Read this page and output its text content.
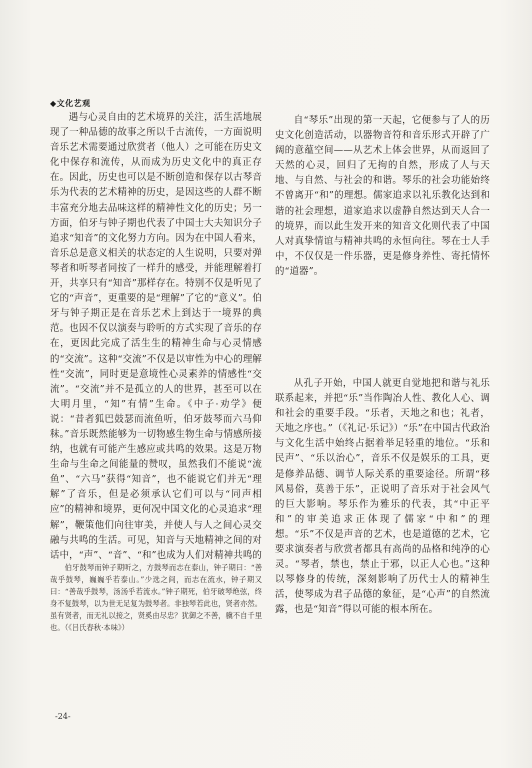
◆文化艺观

遇与心灵自由的艺术境界的关注，活生活地展现了一种品德的故事之所以千古流传，一方面说明音乐艺术需要通过欣赏者（他人）之可能在历史文化中保存和流传，从而成为历史文化中的真正存在。因此，历史也可以是不断创造和保存以古琴音乐为代表的艺术精神的历史，是因这些的人群不断丰富充分地去品味这样的精神性文化的历史；另一方面，伯牙与钟子期也代表了中国士大夫知识分子追求“知音”的文化努力方向。因为在中国人看来，音乐总是意义相关的状态定的人生说明，只要对弹琴者和听琴者同按了一样升的感受，并能理解着打开，共享只有“知音”那样存在。特别不仅是听见了它的“声音”，更重要的是“理解”了它的“意义”。伯牙与钟子期正是在音乐艺术上到达于一境界的典范。也因不仅以演奏与聆听的方式实现了音乐的存在，更因此完成了活生生的精神生命与心灵情感的“交流”。这种“交流”不仅是以审性为中心的理解性“交流”，同时更是意境性心灵素养的情感性“交流”。“交流”并不是孤立的人的世界，甚至可以在大明月里，“知”有情”生命。《中子·劝学》便说：“昔者狐巴鼓瑟而流鱼听，伯牙鼓琴而六马仰秣。”音乐既然能够为一切物感生物生命与情感所接纳，也就有可能产生感应或共鸣的效果。这是万物生命与生命之间能量的赞叹，虽然我们不能说“流鱼”、“六马”获得“知音”，也不能说它们并无“理解”了音乐，但是必须承认它们可以与“同声相应”的精神和境界，更何况中国文化的心灵追求“理解”，鞭策他们向往审美，并使人与人之间心灵交融与共鸣的生活。可见，知音与天地精神之间的对话中，“声”、“音”、“和”也成为人们对精神共鸣的

伯牙鼓琴而钟子期听之，方鼓琴而志在泰山，钟子期曰：“善哉乎鼓琴，巍巍乎若泰山。”少选之间，而志在流水，钟子期又曰：“善哉乎鼓琴，汤汤乎若流水。”钟子期死，伯牙破琴绝弦，终身不复鼓琴，以为世无足复为鼓琴者。非独琴若此也，贤者亦然。虽有贤者，而无礼以接之，贤奚由尽忠？犹御之不善，骥不自千里也。（《吕氏春秋·本味》）

自“琴乐”出现的第一天起，它便参与了人的历史文化创造活动，以器物音符和音乐形式开辟了广阔的意蕴空间——从艺术上体会世界，从而返回了天然的心灵，回归了无拘的自然，形成了人与天地、与自然、与社会的和谐。琴乐的社会功能始终不曾离开“和”的理想。儒家追求以礼乐教化达到和谐的社会理想，道家追求以虚静自然达到天人合一的境界，而以此生发开来的知音文化则代表了中国人对真挚情谊与精神共鸣的永恒向往。琴在士人手中，不仅仅是一件乐器，更是修身养性、寄托情怀的“道器”。

从孔子开始，中国人就更自觉地把和谐与礼乐联系起来，并把“乐”当作陶冶人性、教化人心、调和社会的重要手段。“乐者，天地之和也；礼者，天地之序也。”（《礼记·乐记》）“乐”在中国古代政治与文化生活中始终占据着举足轻重的地位。“乐和民声”、“乐以治心”，音乐不仅是娱乐的工具，更是修养品德、调节人际关系的重要途径。所谓“移风易俗，莫善于乐”，正说明了音乐对于社会风气的巨大影响。琴乐作为雅乐的代表，其“中正平和”的审美追求正体现了儒家“中和”的理想。“乐”不仅是声音的艺术，也是道德的艺术，它要求演奏者与欣赏者都具有高尚的品格和纯净的心灵。“琴者，禁也，禁止于邪，以正人心也。”这种以琴修身的传统，深刻影响了历代士人的精神生活，使琴成为君子品德的象征，是“心声”的自然流露，也是“知音”得以可能的根本所在。

-24-
